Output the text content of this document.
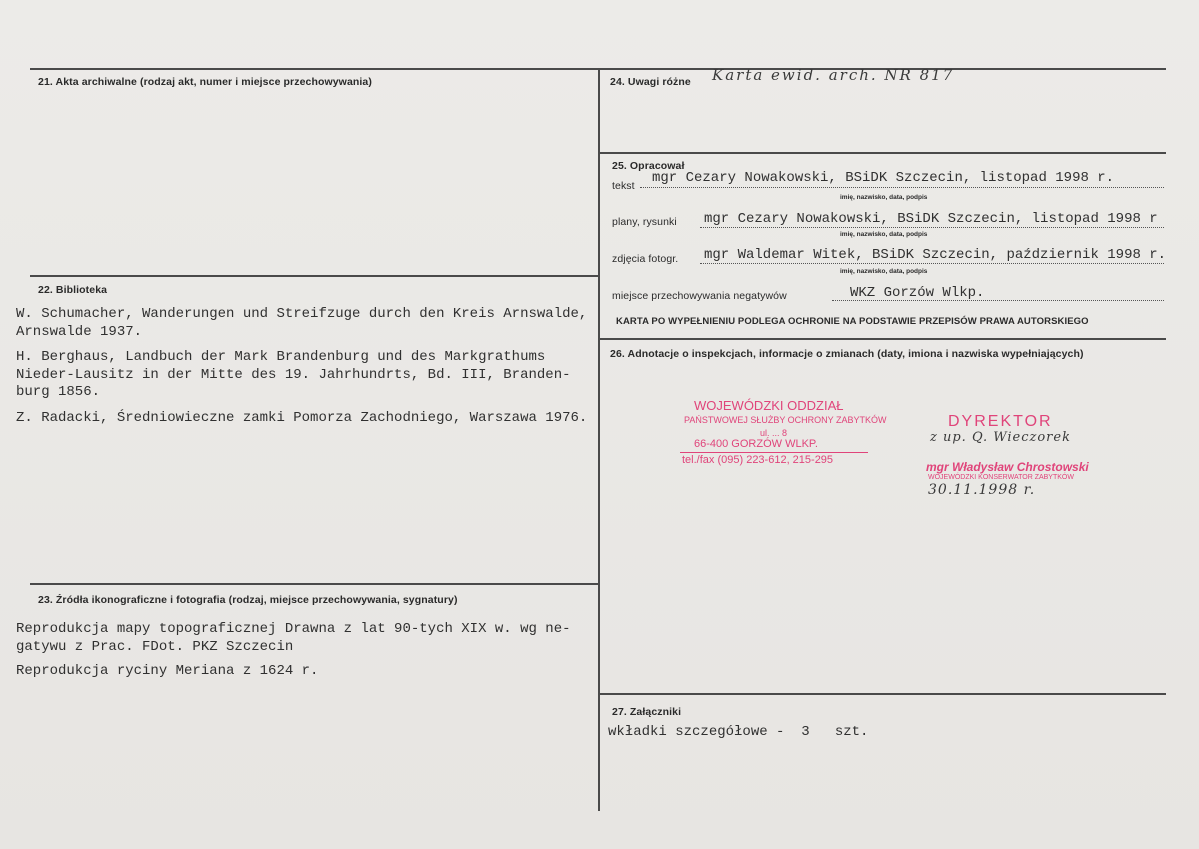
21. Akta archiwalne (rodzaj akt, numer i miejsce przechowywania)
22. Biblioteka
W. Schumacher, Wanderungen und Streifzuge durch den Kreis Arnswalde,
Arnswalde 1937.
H. Berghaus, Landbuch der Mark Brandenburg und des Markgrathums
Nieder-Lausitz in der Mitte des 19. Jahrhundrts, Bd. III, Branden-
burg 1856.
Z. Radacki, Średniowieczne zamki Pomorza Zachodniego, Warszawa 1976.
23. Źródła ikonograficzne i fotografia (rodzaj, miejsce przechowywania, sygnatury)
Reprodukcja mapy topograficznej Drawna z lat 90-tych XIX w. wg ne-
gatywu z Prac. FDot. PKZ Szczecin
Reprodukcja ryciny Meriana z 1624 r.
24. Uwagi różne Karta ewid. arch. NR 817
25. Opracował
tekst mgr Cezary Nowakowski, BSiDK Szczecin, listopad 1998 r.
imię, nazwisko, data, podpis
plany, rysunki mgr Cezary Nowakowski, BSiDK Szczecin, listopad 1998 r
imię, nazwisko, data, podpis
zdjęcia fotogr. mgr Waldemar Witek, BSiDK Szczecin, październik 1998 r.
imię, nazwisko, data, podpis
miejsce przechowywania negatywów	WKZ Gorzów Wlkp.
KARTA PO WYPEŁNIENIU PODLEGA OCHRONIE NA PODSTAWIE PRZEPISÓW PRAWA AUTORSKIEGO
26. Adnotacje o inspekcjach, informacje o zmianach (daty, imiona i nazwiska wypełniających)
WOJEWÓDZKI ODDZIAŁ
PAŃSTWOWEJ SŁUŻBY OCHRONY ZABYTKÓW
ul. ... 8
66-400 GORZÓW WLKP.
tel./fax (095) 223-612, 215-295
DYREKTOR
z up. Q. Wieczorek
mgr Władysław Chrostowski
WOJEWÓDZKI KONSERWATOR ZABYTKÓW
30.11.1998 r.
27. Załączniki
wkładki szczegółowe -  3   szt.
